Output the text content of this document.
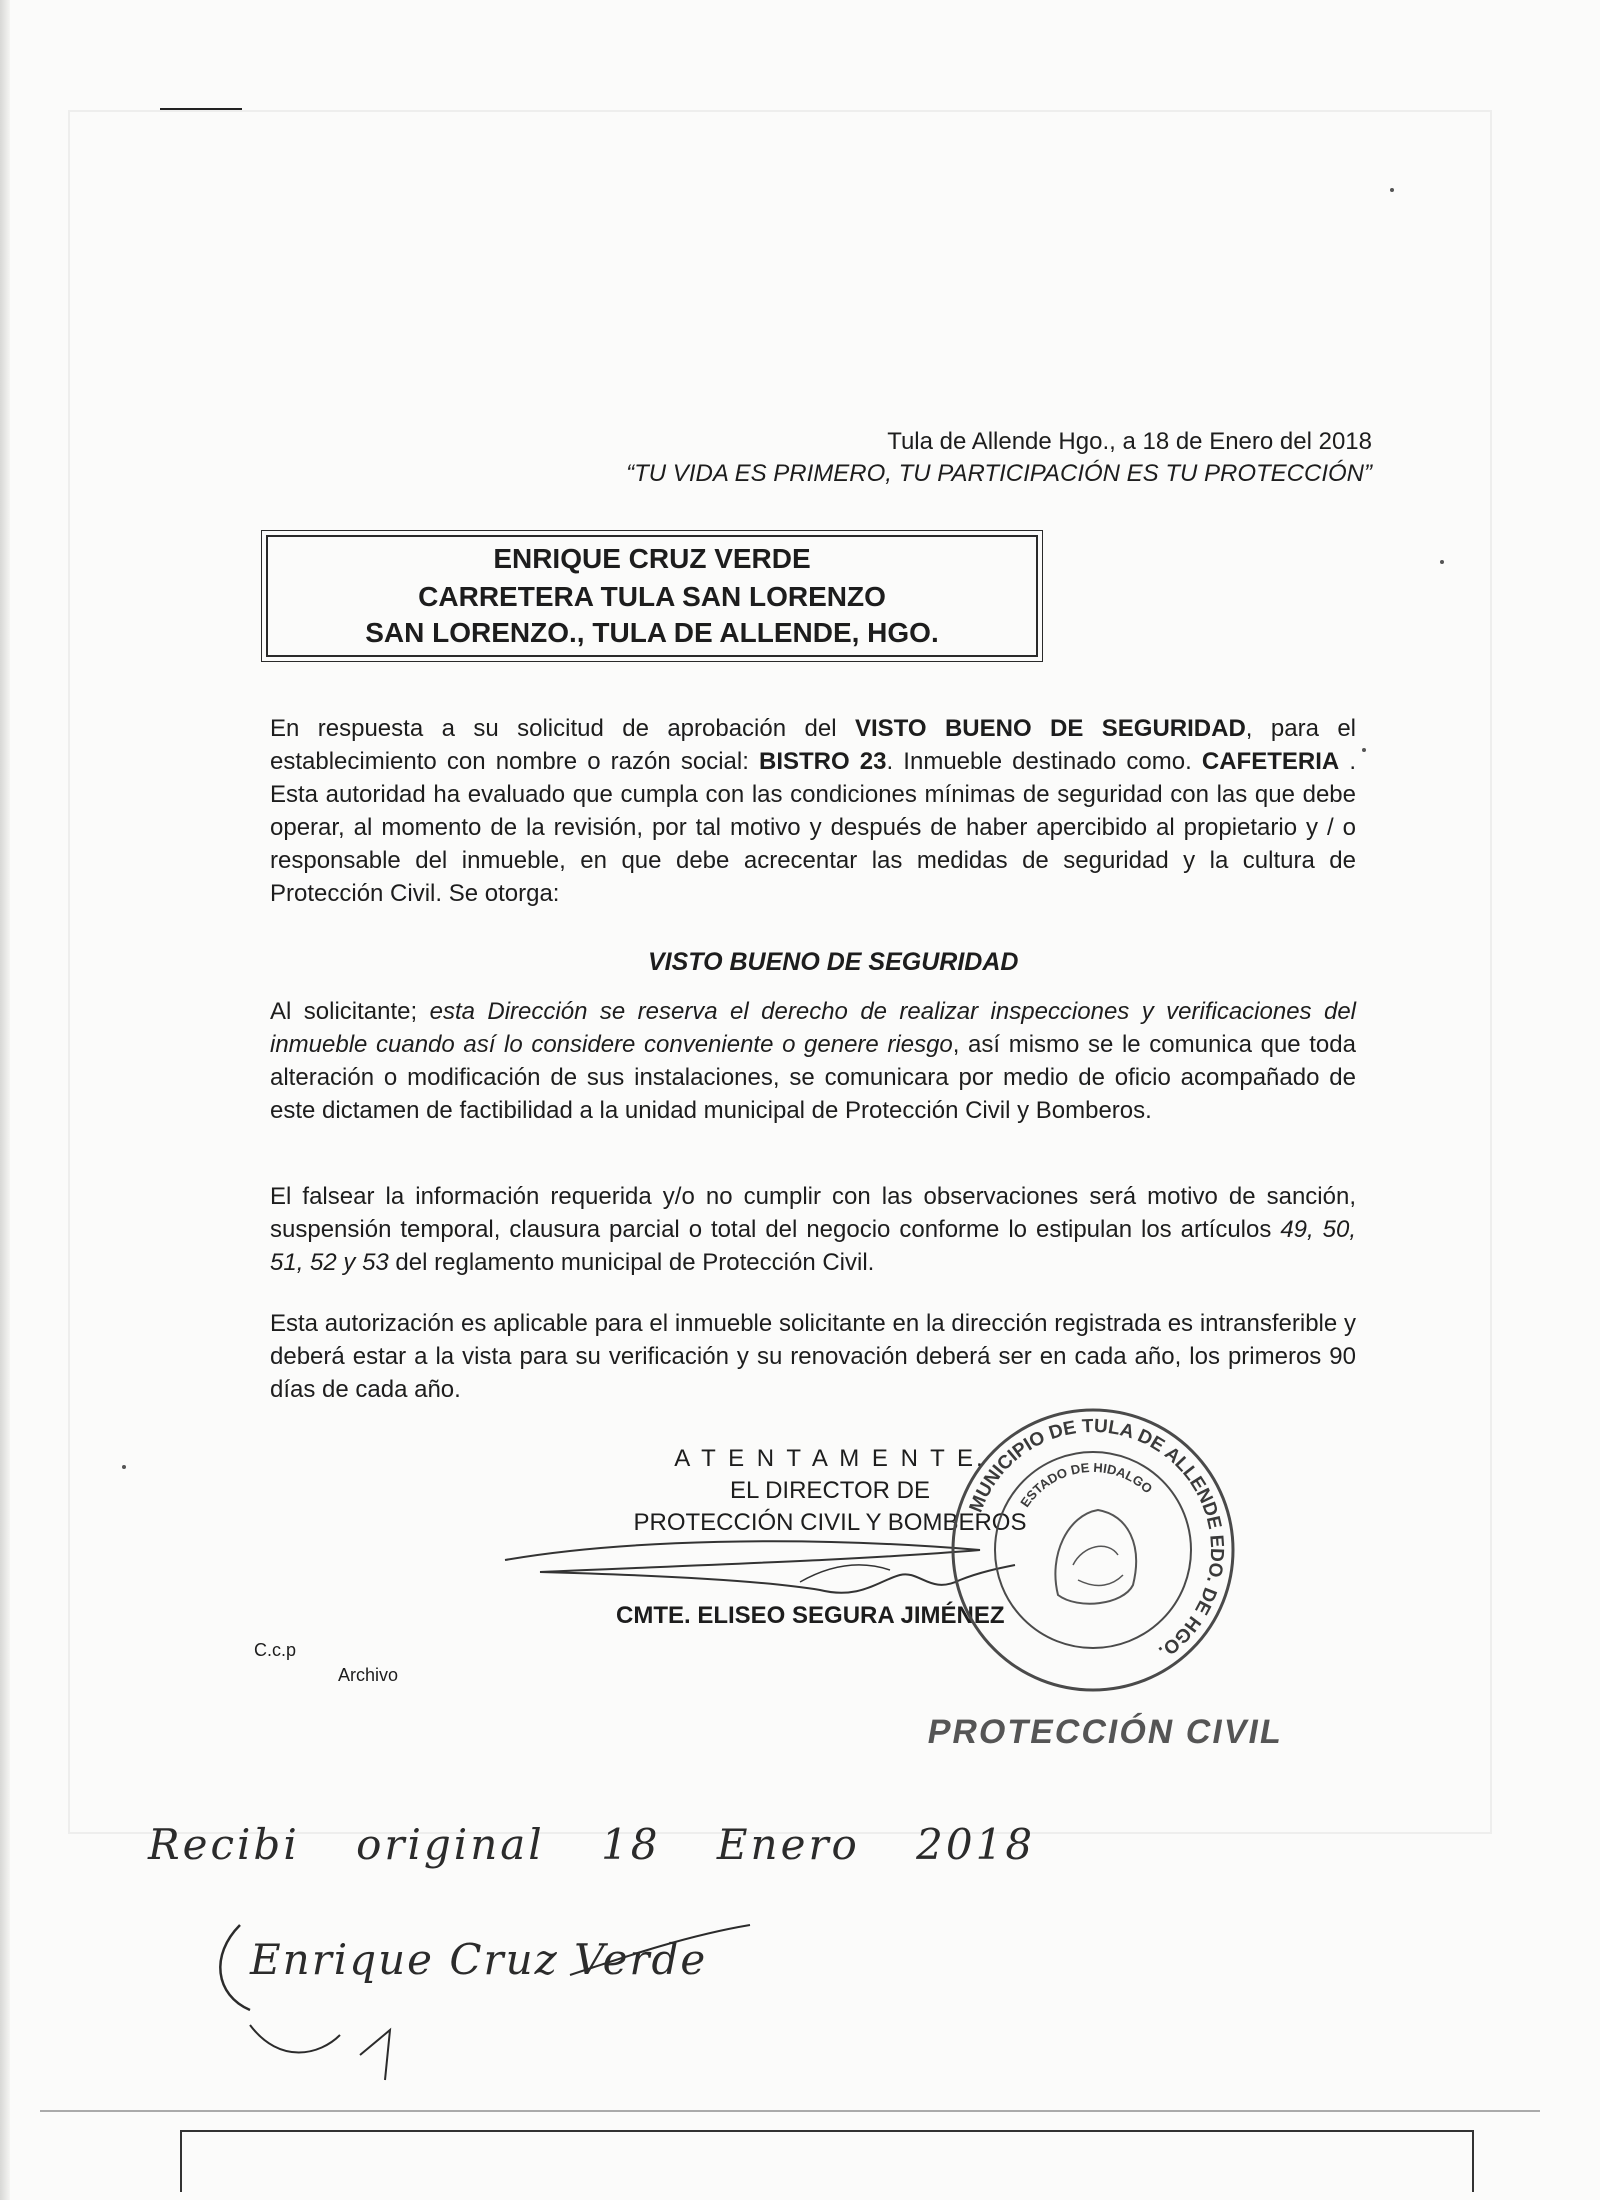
Tula de Allende Hgo., a 18 de Enero del 2018
“TU VIDA ES PRIMERO, TU PARTICIPACIÓN ES TU PROTECCIÓN”
ENRIQUE CRUZ VERDE
CARRETERA TULA SAN LORENZO
SAN LORENZO., TULA DE ALLENDE, HGO.
En respuesta a su solicitud de aprobación del VISTO BUENO DE SEGURIDAD, para el establecimiento con nombre o razón social: BISTRO 23. Inmueble destinado como. CAFETERIA . Esta autoridad ha evaluado que cumpla con las condiciones mínimas de seguridad con las que debe operar, al momento de la revisión, por tal motivo y después de haber apercibido al propietario y / o responsable del inmueble, en que debe acrecentar las medidas de seguridad y la cultura de Protección Civil. Se otorga:
VISTO BUENO DE SEGURIDAD
Al solicitante; esta Dirección se reserva el derecho de realizar inspecciones y verificaciones del inmueble cuando así lo considere conveniente o genere riesgo, así mismo se le comunica que toda alteración o modificación de sus instalaciones, se comunicara por medio de oficio acompañado de este dictamen de factibilidad a la unidad municipal de Protección Civil y Bomberos.
El falsear la información requerida y/o no cumplir con las observaciones será motivo de sanción, suspensión temporal, clausura parcial o total del negocio conforme lo estipulan los artículos 49, 50, 51, 52 y 53 del reglamento municipal de Protección Civil.
Esta autorización es aplicable para el inmueble solicitante en la dirección registrada es intransferible y deberá estar a la vista para su verificación y su renovación deberá ser en cada año, los primeros 90 días de cada año.
A T E N T A M E N T E,
EL DIRECTOR DE
PROTECCIÓN CIVIL Y BOMBEROS
CMTE. ELISEO SEGURA JIMÉNEZ
MUNICIPIO DE TULA DE ALLENDE EDO. DE HGO.
ESTADO DE HIDALGO
PROTECCIÓN CIVIL
C.c.p
Archivo
Recibi original 18 Enero 2018
Enrique Cruz Verde
